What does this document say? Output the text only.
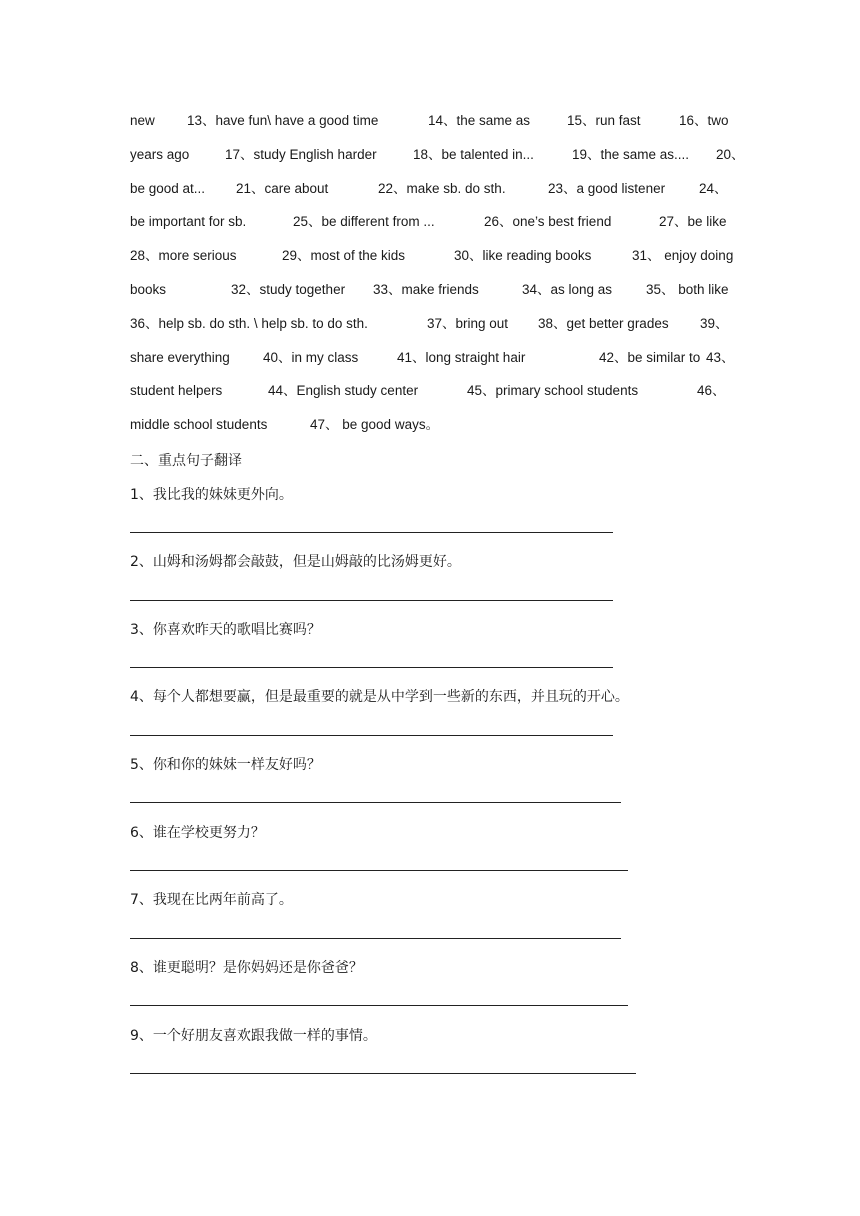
new 13、have fun\ have a good time	14、the same as	15、run fast	16、two
years ago	17、study English harder	18、be talented in...	19、the same as.... 20、
be good at... 21、care about	22、make sb. do sth.	23、a good listener	24、
be important for sb.	25、be different from ...	26、one’s best friend	27、be like
28、more serious	29、most of the kids	30、like reading books	31、 enjoy doing
books	32、study together 33、make friends	34、as long as	35、 both like
36、help sb. do sth. \ help sb. to do sth.	37、bring out 38、get better grades 39、
share everything 40、in my class	41、long straight hair	42、be similar to 43、
student helpers	44、English study center	45、primary school students	46、
middle school students	47、 be good ways。
二、重点句子翻译
1、我比我的妹妹更外向。
2、山姆和汤姆都会敲鼓，但是山姆敲的比汤姆更好。
3、你喜欢昨天的歌唱比赛吗？
4、每个人都想要赢，但是最重要的就是从中学到一些新的东西，并且玩的开心。
5、你和你的妹妹一样友好吗？
6、谁在学校更努力？
7、我现在比两年前高了。
8、谁更聪明？是你妈妈还是你爸爸？
9、一个好朋友喜欢跟我做一样的事情。
